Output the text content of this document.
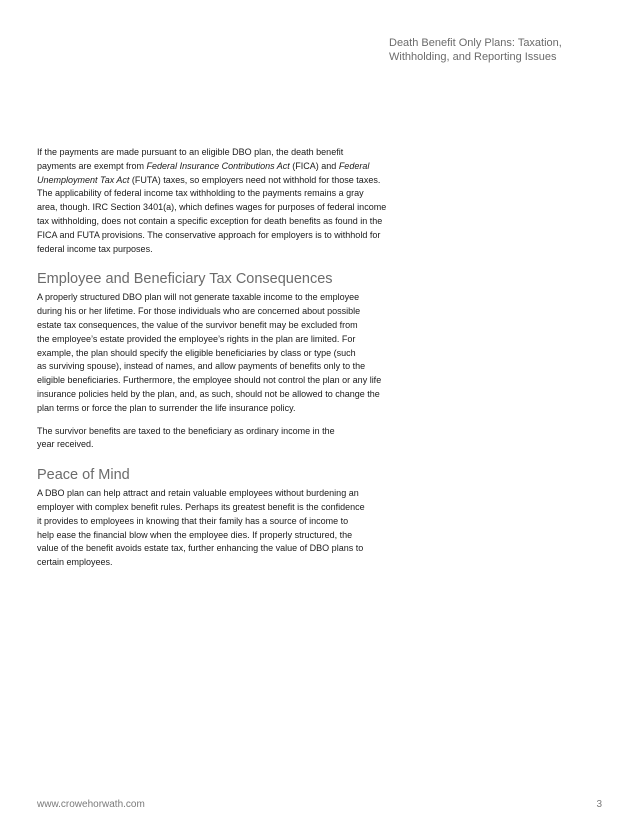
Death Benefit Only Plans: Taxation,
Withholding, and Reporting Issues

If the payments are made pursuant to an eligible DBO plan, the death benefit
payments are exempt from Federal Insurance Contributions Act (FICA) and Federal
Unemployment Tax Act (FUTA) taxes, so employers need not withhold for those taxes.
The applicability of federal income tax withholding to the payments remains a gray
area, though. IRC Section 3401(a), which defines wages for purposes of federal income
tax withholding, does not contain a specific exception for death benefits as found in the
FICA and FUTA provisions. The conservative approach for employers is to withhold for
federal income tax purposes.

Employee and Beneficiary Tax Consequences

A properly structured DBO plan will not generate taxable income to the employee
during his or her lifetime. For those individuals who are concerned about possible
estate tax consequences, the value of the survivor benefit may be excluded from
the employee’s estate provided the employee’s rights in the plan are limited. For
example, the plan should specify the eligible beneficiaries by class or type (such
as surviving spouse), instead of names, and allow payments of benefits only to the
eligible beneficiaries. Furthermore, the employee should not control the plan or any life
insurance policies held by the plan, and, as such, should not be allowed to change the
plan terms or force the plan to surrender the life insurance policy.

The survivor benefits are taxed to the beneficiary as ordinary income in the
year received.

Peace of Mind

A DBO plan can help attract and retain valuable employees without burdening an
employer with complex benefit rules. Perhaps its greatest benefit is the confidence
it provides to employees in knowing that their family has a source of income to
help ease the financial blow when the employee dies. If properly structured, the
value of the benefit avoids estate tax, further enhancing the value of DBO plans to
certain employees.

www.crowehorwath.com	3
